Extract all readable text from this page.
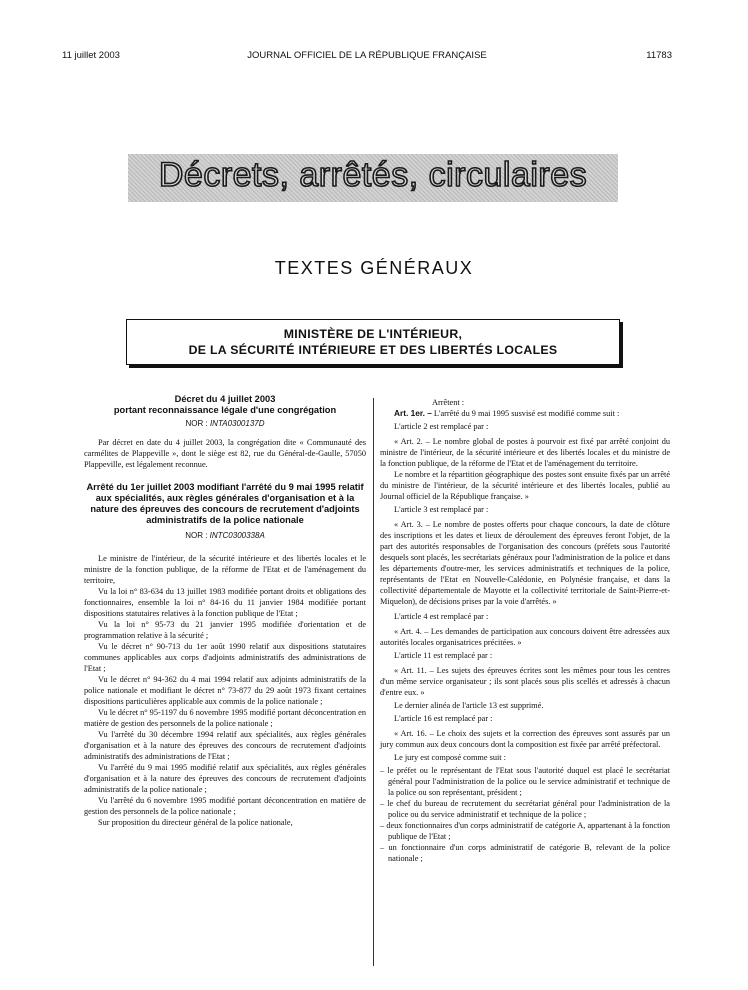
11 juillet 2003	JOURNAL OFFICIEL DE LA RÉPUBLIQUE FRANÇAISE	11783
Décrets, arrêtés, circulaires
TEXTES GÉNÉRAUX
MINISTÈRE DE L'INTÉRIEUR,
DE LA SÉCURITÉ INTÉRIEURE ET DES LIBERTÉS LOCALES
Décret du 4 juillet 2003
portant reconnaissance légale d'une congrégation
NOR : INTA0300137D

Par décret en date du 4 juillet 2003, la congrégation dite « Communauté des carmélites de Plappeville », dont le siège est 82, rue du Général-de-Gaulle, 57050 Plappeville, est légalement reconnue.

Arrêté du 1er juillet 2003 modifiant l'arrêté du 9 mai 1995 relatif aux spécialités, aux règles générales d'organisation et à la nature des épreuves des concours de recrutement d'adjoints administratifs de la police nationale
NOR : INTC0300338A

Le ministre de l'intérieur, de la sécurité intérieure et des libertés locales et le ministre de la fonction publique, de la réforme de l'Etat et de l'aménagement du territoire,

Vu la loi n° 83-634 du 13 juillet 1983 modifiée portant droits et obligations des fonctionnaires, ensemble la loi n° 84-16 du 11 janvier 1984 modifiée portant dispositions statutaires relatives à la fonction publique de l'Etat ;

Vu la loi n° 95-73 du 21 janvier 1995 modifiée d'orientation et de programmation relative à la sécurité ;

Vu le décret n° 90-713 du 1er août 1990 relatif aux dispositions statutaires communes applicables aux corps d'adjoints administratifs des administrations de l'Etat ;

Vu le décret n° 94-362 du 4 mai 1994 relatif aux adjoints administratifs de la police nationale et modifiant le décret n° 73-877 du 29 août 1973 fixant certaines dispositions particulières applicable aux commis de la police nationale ;

Vu le décret n° 95-1197 du 6 novembre 1995 modifié portant déconcentration en matière de gestion des personnels de la police nationale ;

Vu l'arrêté du 30 décembre 1994 relatif aux spécialités, aux règles générales d'organisation et à la nature des épreuves des concours de recrutement d'adjoints administratifs des administrations de l'Etat ;

Vu l'arrêté du 9 mai 1995 modifié relatif aux spécialités, aux règles générales d'organisation et à la nature des épreuves des concours de recrutement d'adjoints administratifs de la police nationale ;

Vu l'arrêté du 6 novembre 1995 modifié portant déconcentration en matière de gestion des personnels de la police nationale ;

Sur proposition du directeur général de la police nationale,

Arrêtent :

Art. 1er. – L'arrêté du 9 mai 1995 susvisé est modifié comme suit :

L'article 2 est remplacé par :

« Art. 2. – Le nombre global de postes à pourvoir est fixé par arrêté conjoint du ministre de l'intérieur, de la sécurité intérieure et des libertés locales et du ministre de la fonction publique, de la réforme de l'Etat et de l'aménagement du territoire.

Le nombre et la répartition géographique des postes sont ensuite fixés par un arrêté du ministre de l'intérieur, de la sécurité intérieure et des libertés locales, publié au Journal officiel de la République française. »

L'article 3 est remplacé par :

« Art. 3. – Le nombre de postes offerts pour chaque concours, la date de clôture des inscriptions et les dates et lieux de déroulement des épreuves feront l'objet, de la part des autorités responsables de l'organisation des concours (préfets sous l'autorité desquels sont placés, les secrétariats généraux pour l'administration de la police et dans les départements d'outre-mer, les services administratifs et techniques de la police, représentants de l'Etat en Nouvelle-Calédonie, en Polynésie française, et dans la collectivité départementale de Mayotte et la collectivité territoriale de Saint-Pierre-et-Miquelon), de décisions prises par la voie d'arrêtés. »

L'article 4 est remplacé par :

« Art. 4. – Les demandes de participation aux concours doivent être adressées aux autorités locales organisatrices précitées. »

L'article 11 est remplacé par :

« Art. 11. – Les sujets des épreuves écrites sont les mêmes pour tous les centres d'un même service organisateur ; ils sont placés sous plis scellés et adressés à chacun d'entre eux. »

Le dernier alinéa de l'article 13 est supprimé.

L'article 16 est remplacé par :

« Art. 16. – Le choix des sujets et la correction des épreuves sont assurés par un jury commun aux deux concours dont la composition est fixée par arrêté préfectoral.

Le jury est composé comme suit :

– le préfet ou le représentant de l'Etat sous l'autorité duquel est placé le secrétariat général pour l'administration de la police ou le service administratif et technique de la police ou son représentant, président ;

– le chef du bureau de recrutement du secrétariat général pour l'administration de la police ou du service administratif et technique de la police ;

– deux fonctionnaires d'un corps administratif de catégorie A, appartenant à la fonction publique de l'Etat ;

– un fonctionnaire d'un corps administratif de catégorie B, relevant de la police nationale ;
